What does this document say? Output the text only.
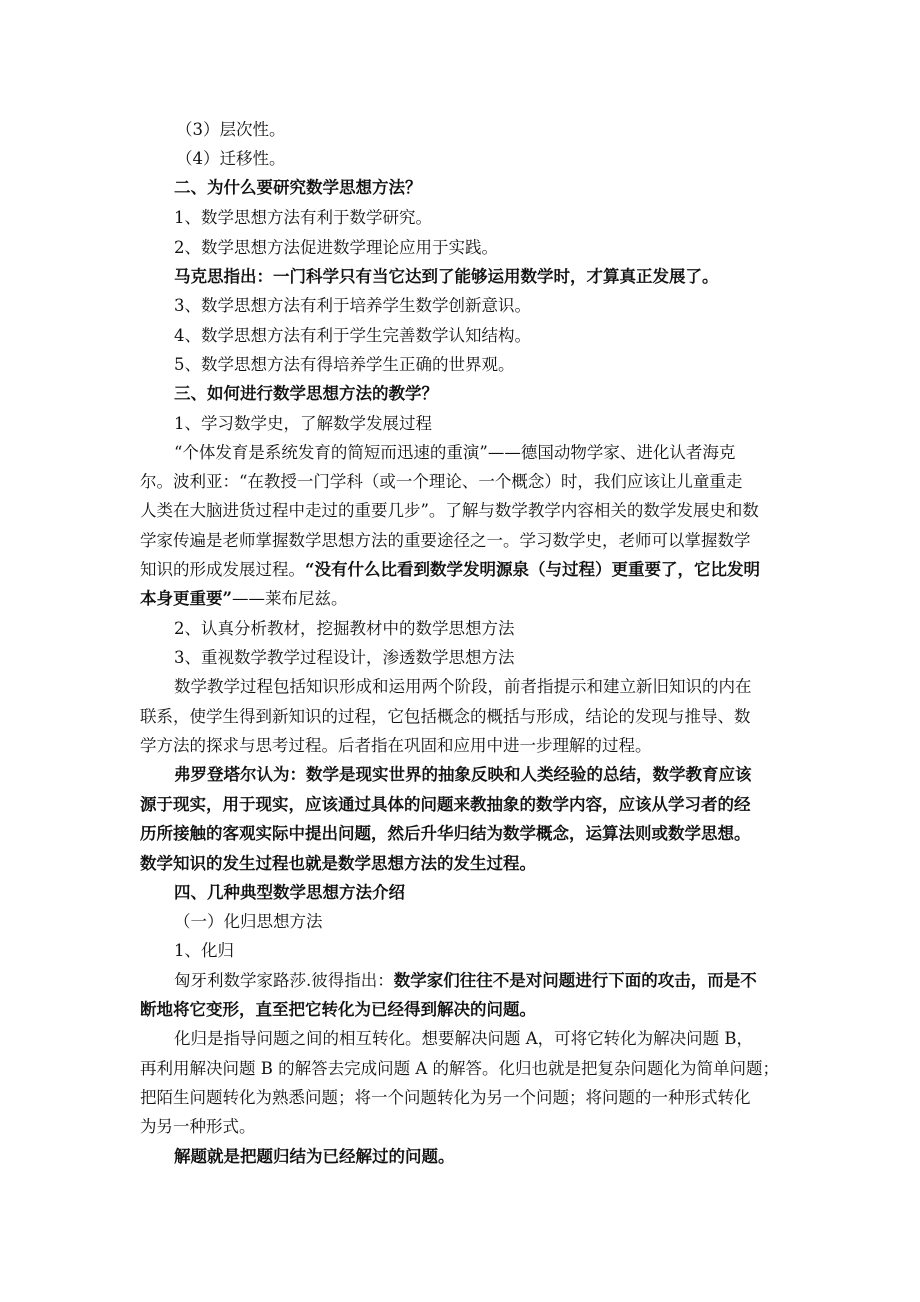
（3）层次性。
（4）迁移性。
二、为什么要研究数学思想方法？
1、数学思想方法有利于数学研究。
2、数学思想方法促进数学理论应用于实践。
马克思指出：一门科学只有当它达到了能够运用数学时，才算真正发展了。
3、数学思想方法有利于培养学生数学创新意识。
4、数学思想方法有利于学生完善数学认知结构。
5、数学思想方法有得培养学生正确的世界观。
三、如何进行数学思想方法的教学？
1、学习数学史，了解数学发展过程
“个体发育是系统发育的简短而迅速的重演”——德国动物学家、进化认者海克
尔。波利亚：“在教授一门学科（或一个理论、一个概念）时，我们应该让儿童重走
人类在大脑进货过程中走过的重要几步”。了解与数学教学内容相关的数学发展史和数
学家传遍是老师掌握数学思想方法的重要途径之一。学习数学史，老师可以掌握数学
知识的形成发展过程。“没有什么比看到数学发明源泉（与过程）更重要了，它比发明
本身更重要”——莱布尼兹。
2、认真分析教材，挖掘教材中的数学思想方法
3、重视数学教学过程设计，渗透数学思想方法
数学教学过程包括知识形成和运用两个阶段，前者指提示和建立新旧知识的内在
联系，使学生得到新知识的过程，它包括概念的概括与形成，结论的发现与推导、数
学方法的探求与思考过程。后者指在巩固和应用中进一步理解的过程。
弗罗登塔尔认为：数学是现实世界的抽象反映和人类经验的总结，数学教育应该
源于现实，用于现实，应该通过具体的问题来教抽象的数学内容，应该从学习者的经
历所接触的客观实际中提出问题，然后升华归结为数学概念，运算法则或数学思想。
数学知识的发生过程也就是数学思想方法的发生过程。
四、几种典型数学思想方法介绍
（一）化归思想方法
1、化归
匈牙利数学家路莎.彼得指出：数学家们往往不是对问题进行下面的攻击，而是不
断地将它变形，直至把它转化为已经得到解决的问题。
化归是指导问题之间的相互转化。想要解决问题 A，可将它转化为解决问题 B，
再利用解决问题 B 的解答去完成问题 A 的解答。化归也就是把复杂问题化为简单问题；
把陌生问题转化为熟悉问题；将一个问题转化为另一个问题；将问题的一种形式转化
为另一种形式。
解题就是把题归结为已经解过的问题。
